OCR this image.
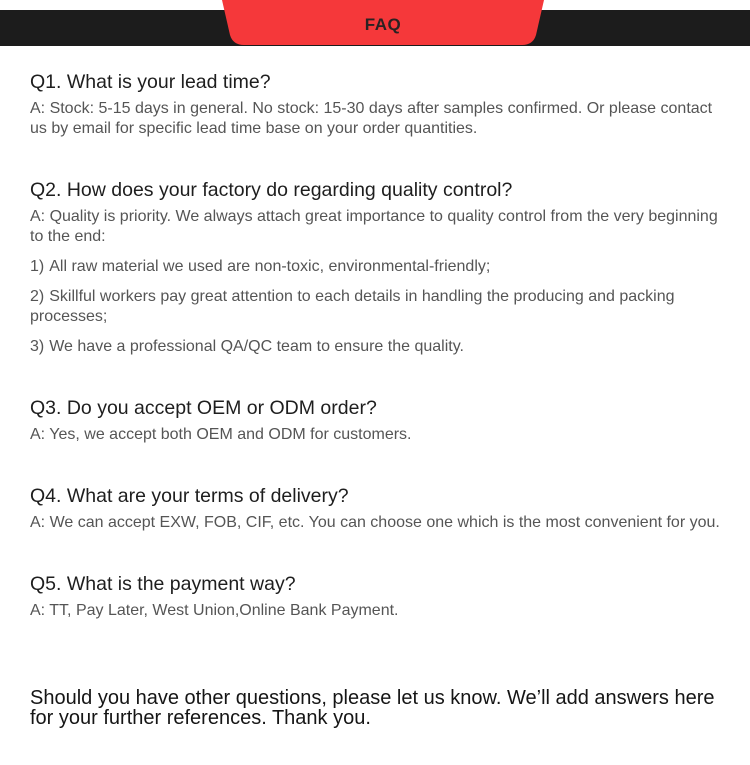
FAQ
Q1. What is your lead time?
A: Stock: 5-15 days in general. No stock: 15-30 days after samples confirmed. Or please contact us by email for specific lead time base on your order quantities.
Q2. How does your factory do regarding quality control?
A: Quality is priority. We always attach great importance to quality control from the very beginning to the end:
1) All raw material we used are non-toxic, environmental-friendly;
2) Skillful workers pay great attention to each details in handling the producing and packing processes;
3) We have a professional QA/QC team to ensure the quality.
Q3. Do you accept OEM or ODM order?
A: Yes, we accept both OEM and ODM for customers.
Q4. What are your terms of delivery?
A: We can accept EXW, FOB, CIF, etc. You can choose one which is the most convenient for you.
Q5. What is the payment way?
A: TT, Pay Later, West Union,Online Bank Payment.
Should you have other questions, please let us know. We’ll add answers here for your further references. Thank you.
